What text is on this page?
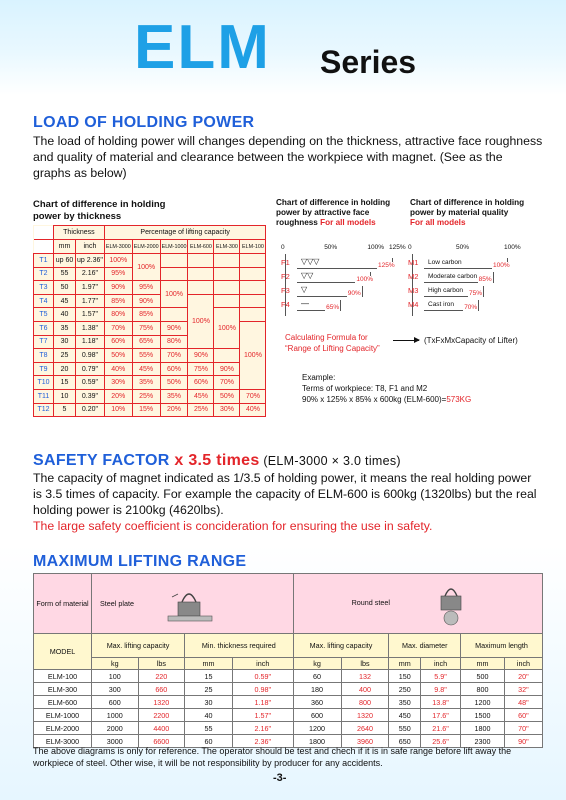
ELM Series
LOAD OF HOLDING POWER
The load of holding power will changes depending on the thickness, attractive face roughness and quality of material and clearance between the workpiece with magnet. (See as the graphs as below)
Chart of difference in holding
power by thickness
	Thickness		Percentage of lifting capacity					
	mm	inch	ELM-3000	ELM-2000	ELM-1000	ELM-600	ELM-300	ELM-100
T1	up 60	up 2.36"	100%	100%				
T2	55	2.16"	95%					
T3	50	1.97"	90%	95%	100%			
T4	45	1.77"	85%	90%		100%		
T5	40	1.57"	80%	85%			100%	
T6	35	1.38"	70%	75%	90%			100%
T7	30	1.18"	60%	65%	80%			
T8	25	0.98"	50%	55%	70%	90%		
T9	20	0.79"	40%	45%	60%	75%	90%	
T10	15	0.59"	30%	35%	50%	60%	70%	
T11	10	0.39"	20%	25%	35%	45%	50%	70%
T12	5	0.20"	10%	15%	20%	25%	30%	40%
Chart of difference in holding
power by attractive face
roughness For all models
0	50%	100% 125%
F1 ▽▽▽	125%
F2 ▽▽	100%
F3 ▽	90%
F4 —	65%
Chart of difference in holding
power by material quality
For all models
0	50%	100%
M1 Low carbon	100%
M2 Moderate carbon 85%
M3 High carbon 75%
M4 Cast iron 70%
Calculating Formula for
“Range of Lifting Capacity”
(TxFxMxCapacity of Lifter)
Example:
Terms of workpiece: T8, F1 and M2
90% x 125% x 85% x 600kg (ELM-600)=573KG
SAFETY FACTOR x 3.5 times (ELM-3000 × 3.0 times)
The capacity of magnet indicated as 1/3.5 of holding power, it means the real holding power is 3.5 times of capacity. For example the capacity of ELM-600 is 600kg (1320lbs) but the real holding power is 2100kg (4620lbs).
The large safety coefficient is concideration for ensuring the use in safety.
MAXIMUM LIFTING RANGE
Form of material	Steel plate				Round steel					
MODEL	Max. lifting capacity		Min. thickness required		Max. lifting capacity		Max. diameter		Maximum length	
	kg	lbs	mm	inch	kg	lbs	mm	inch	mm	inch
ELM-100	100	220	15	0.59"	60	132	150	5.9"	500	20"
ELM-300	300	660	25	0.98"	180	400	250	9.8"	800	32"
ELM-600	600	1320	30	1.18"	360	800	350	13.8"	1200	48"
ELM-1000	1000	2200	40	1.57"	600	1320	450	17.6"	1500	60"
ELM-2000	2000	4400	55	2.16"	1200	2640	550	21.6"	1800	70"
ELM-3000	3000	6600	60	2.36"	1800	3960	650	25.6"	2300	90"
The above diagrams is only for reference. The operator should be test and chech if it is in safe range before lift away the workpiece of steel. Other wise, it will be not responsibility by producer for any accidents.
-3-
